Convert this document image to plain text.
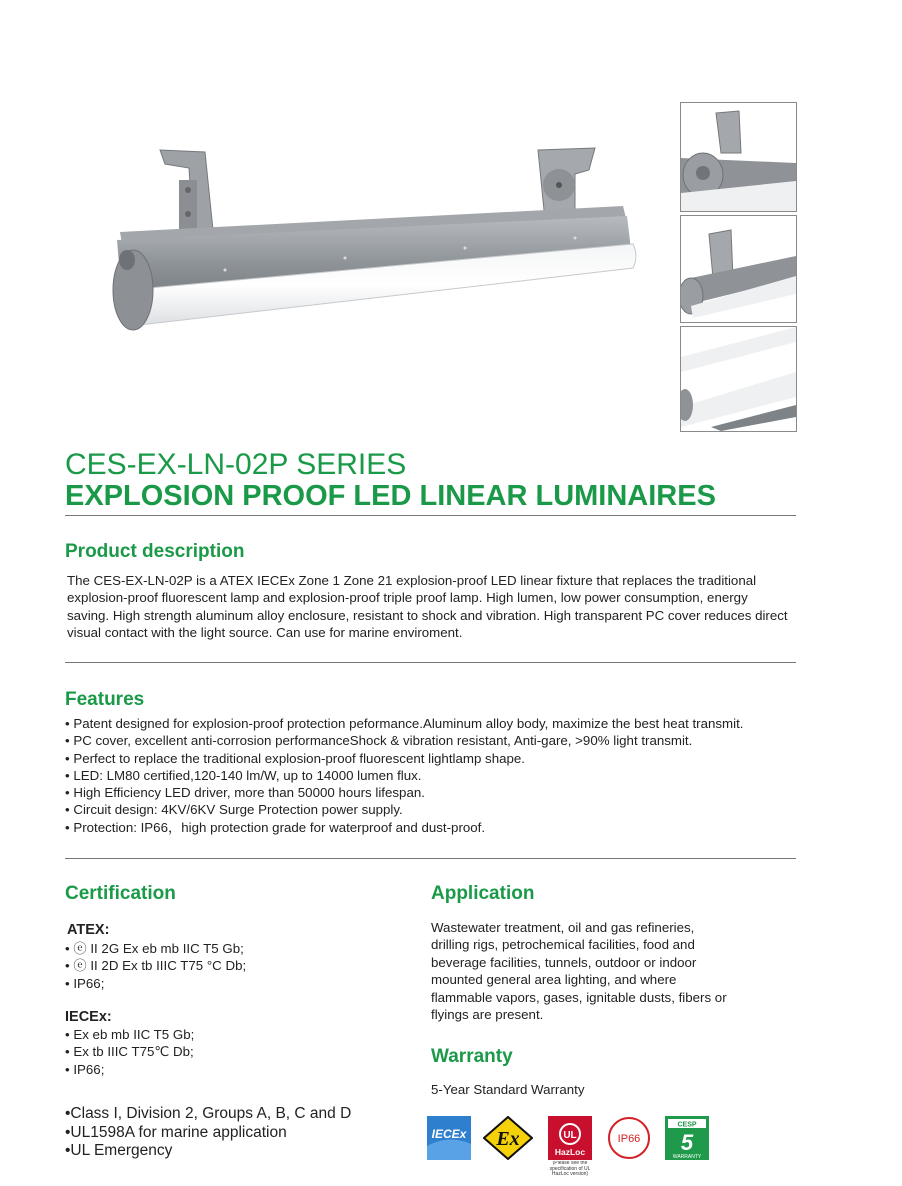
CES-EX-LN-02P SERIES
EXPLOSION PROOF LED LINEAR LUMINAIRES
Product description
The CES-EX-LN-02P is a ATEX IECEx Zone 1 Zone 21 explosion-proof LED linear fixture that replaces the traditional explosion-proof fluorescent lamp and explosion-proof triple proof lamp. High lumen, low power consumption, energy saving. High strength aluminum alloy enclosure, resistant to shock and vibration. High transparent PC cover reduces direct visual contact with the light source. Can use for marine enviroment.
Features
• Patent designed for explosion-proof protection peformance.Aluminum alloy body, maximize the best heat transmit.
• PC cover, excellent anti-corrosion performanceShock & vibration resistant, Anti-gare, >90% light transmit.
• Perfect to replace the traditional explosion-proof fluorescent lightlamp shape.
• LED: LM80 certified,120-140 lm/W, up to 14000 lumen flux.
• High Efficiency LED driver, more than 50000 hours lifespan.
• Circuit design: 4KV/6KV Surge Protection power supply.
• Protection: IP66，high protection grade for waterproof and dust-proof.
Certification
ATEX:
• ⓔ II 2G Ex eb mb IIC T5 Gb;
• ⓔ II 2D Ex tb IIIC T75 °C Db;
• IP66;
IECEx:
• Ex eb mb IIC T5 Gb;
• Ex tb IIIC T75℃ Db;
• IP66;
•Class I, Division 2, Groups A, B, C and D
•UL1598A for marine application
•UL Emergency
Application
Wastewater treatment, oil and gas refineries, drilling rigs, petrochemical facilities, food and beverage facilities, tunnels, outdoor or indoor mounted general area lighting, and where flammable vapors, gases, ignitable dusts, fibers or flyings are present.
Warranty
5-Year Standard Warranty
IECEx Ex	UL
HazLoc
(Please see the specification of UL HazLoc version)
IP66
CESP
5
WARRANTY
